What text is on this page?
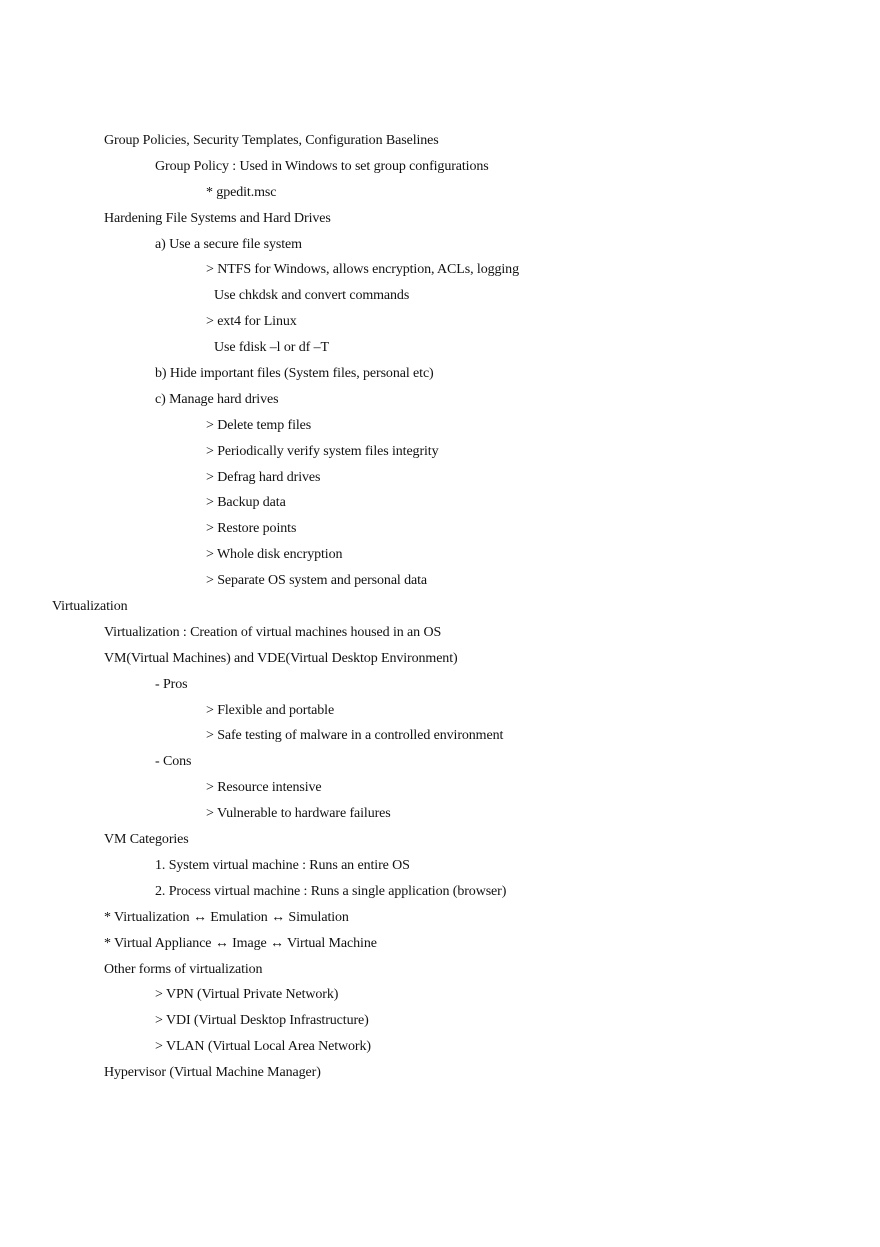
Group Policies, Security Templates, Configuration Baselines
Group Policy : Used in Windows to set group configurations
* gpedit.msc
Hardening File Systems and Hard Drives
a) Use a secure file system
> NTFS for Windows, allows encryption, ACLs, logging
Use chkdsk and convert commands
> ext4 for Linux
Use fdisk –l or df –T
b) Hide important files (System files, personal etc)
c) Manage hard drives
> Delete temp files
> Periodically verify system files integrity
> Defrag hard drives
> Backup data
> Restore points
> Whole disk encryption
> Separate OS system and personal data
Virtualization
Virtualization : Creation of virtual machines housed in an OS
VM(Virtual Machines) and VDE(Virtual Desktop Environment)
- Pros
> Flexible and portable
> Safe testing of malware in a controlled environment
- Cons
> Resource intensive
> Vulnerable to hardware failures
VM Categories
1. System virtual machine : Runs an entire OS
2. Process virtual machine : Runs a single application (browser)
* Virtualization ↔ Emulation ↔ Simulation
* Virtual Appliance ↔ Image ↔ Virtual Machine
Other forms of virtualization
> VPN (Virtual Private Network)
> VDI (Virtual Desktop Infrastructure)
> VLAN (Virtual Local Area Network)
Hypervisor (Virtual Machine Manager)
